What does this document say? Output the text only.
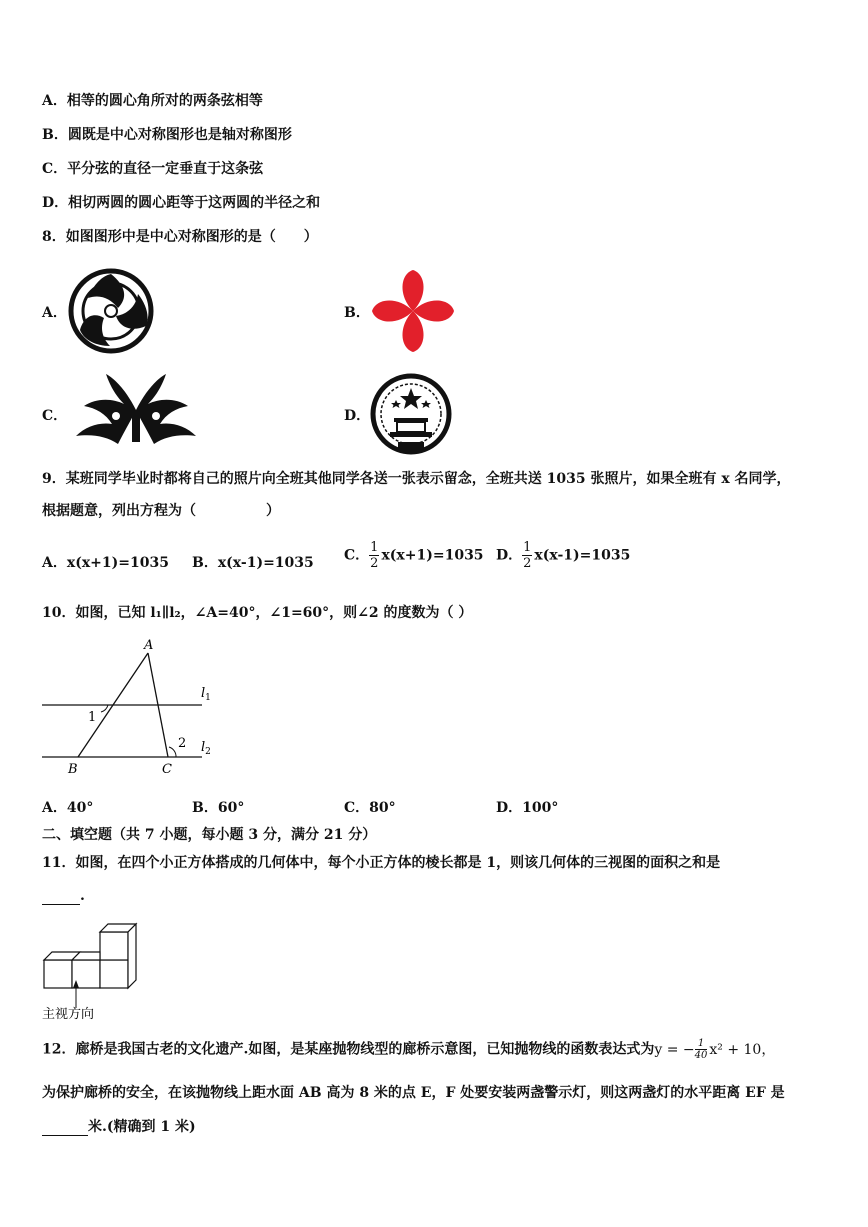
A．相等的圆心角所对的两条弦相等
B．圆既是中心对称图形也是轴对称图形
C．平分弦的直径一定垂直于这条弦
D．相切两圆的圆心距等于这两圆的半径之和
8．如图图形中是中心对称图形的是（　　）
A．	B．
C．	D．
9．某班同学毕业时都将自己的照片向全班其他同学各送一张表示留念，全班共送 1035 张照片，如果全班有 x 名同学，
根据题意，列出方程为（　　　　　）
A．x(x+1)=1035 B．x(x-1)=1035 C． $\frac{1}{2} x(x+1)=1035$ D． $\frac{1}{2} x(x-1)=1035$
10．如图，已知 l₁∥l₂，∠A=40°，∠1=60°，则∠2 的度数为（ ）
A
B	C
1
2
$l_1$
$l_2$
A．40°	B．60°	C．80°	D．100°
二、填空题（共 7 小题，每小题 3 分，满分 21 分）
11．如图，在四个小正方体搭成的几何体中，每个小正方体的棱长都是 1，则该几何体的三视图的面积之和是
.
主视方向
12．廊桥是我国古老的文化遗产.如图，是某座抛物线型的廊桥示意图，已知抛物线的函数表达式为y = − $\frac{1}{40} x^2 + 10$，
为保护廊桥的安全，在该抛物线上距水面 AB 高为 8 米的点 E，F 处要安装两盏警示灯，则这两盏灯的水平距离 EF 是
米.(精确到 1 米)
